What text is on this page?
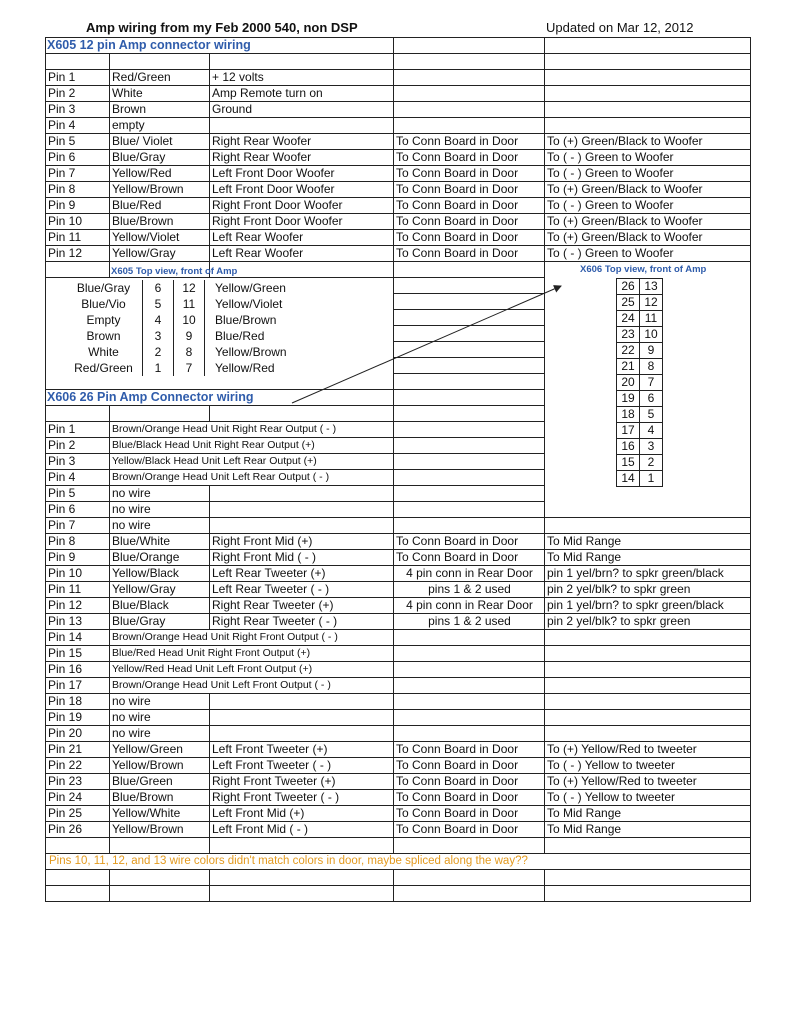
Amp wiring from my Feb 2000 540, non DSP	Updated on Mar 12, 2012
X605 12 pin Amp connector wiring
Pin 1	Red/Green	+ 12 volts
Pin 2	White	Amp Remote turn on
Pin 3	Brown	Ground
Pin 4	empty
Pin 5	Blue/ Violet	Right Rear Woofer	To Conn Board in Door	To (+) Green/Black to Woofer
Pin 6	Blue/Gray	Right Rear Woofer	To Conn Board in Door	To ( - ) Green to Woofer
Pin 7	Yellow/Red	Left Front Door Woofer	To Conn Board in Door	To ( - ) Green to Woofer
Pin 8	Yellow/Brown	Left Front Door Woofer	To Conn Board in Door	To (+) Green/Black to Woofer
Pin 9	Blue/Red	Right Front Door Woofer	To Conn Board in Door	To ( - ) Green to Woofer
Pin 10	Blue/Brown	Right Front Door Woofer	To Conn Board in Door	To (+) Green/Black to Woofer
Pin 11	Yellow/Violet	Left Rear Woofer	To Conn Board in Door	To (+) Green/Black to Woofer
Pin 12	Yellow/Gray	Left Rear Woofer	To Conn Board in Door	To ( - ) Green to Woofer
X606 26 Pin Amp Connector wiring
Pin 1	Brown/Orange Head Unit Right Rear Output ( - )
Pin 2	Blue/Black Head Unit Right Rear Output (+)
Pin 3	Yellow/Black Head Unit Left Rear Output (+)
Pin 4	Brown/Orange Head Unit Left Rear Output ( - )
Pin 5	no wire
Pin 6	no wire
Pin 7	no wire
Pin 8	Blue/White	Right Front Mid (+)	To Conn Board in Door	To Mid Range
Pin 9	Blue/Orange	Right Front Mid ( - )	To Conn Board in Door	To Mid Range
Pin 10	Yellow/Black	Left Rear Tweeter (+)	4 pin conn in Rear Door	pin 1 yel/brn? to spkr green/black
Pin 11	Yellow/Gray	Left Rear Tweeter ( - )	pins 1 & 2 used	pin 2 yel/blk? to spkr green
Pin 12	Blue/Black	Right Rear Tweeter (+)	4 pin conn in Rear Door	pin 1 yel/brn? to spkr green/black
Pin 13	Blue/Gray	Right Rear Tweeter ( - )	pins 1 & 2 used	pin 2 yel/blk? to spkr green
Pin 14	Brown/Orange Head Unit Right Front Output ( - )
Pin 15	Blue/Red Head Unit Right Front Output (+)
Pin 16	Yellow/Red Head Unit Left Front Output (+)
Pin 17	Brown/Orange Head Unit Left Front Output ( - )
Pin 18	no wire
Pin 19	no wire
Pin 20	no wire
Pin 21	Yellow/Green	Left Front Tweeter (+)	To Conn Board in Door	To (+) Yellow/Red to tweeter
Pin 22	Yellow/Brown	Left Front Tweeter ( - )	To Conn Board in Door	To ( - ) Yellow to tweeter
Pin 23	Blue/Green	Right Front Tweeter (+)	To Conn Board in Door	To (+) Yellow/Red to tweeter
Pin 24	Blue/Brown	Right Front Tweeter ( - )	To Conn Board in Door	To ( - ) Yellow to tweeter
Pin 25	Yellow/White	Left Front Mid (+)	To Conn Board in Door	To Mid Range
Pin 26	Yellow/Brown	Left Front Mid ( - )	To Conn Board in Door	To Mid Range
Pins 10, 11, 12, and 13 wire colors didn't match colors in door, maybe spliced along the way??
X605 Top view, front of Amp
Blue/Gray	6	12	Yellow/Green
Blue/Vio	5	11	Yellow/Violet
Empty	4	10	Blue/Brown
Brown	3	9	Blue/Red
White	2	8	Yellow/Brown
Red/Green	1	7	Yellow/Red
X606 Top view, front of Amp
26	13
25	12
24	11
23	10
22	9
21	8
20	7
19	6
18	5
17	4
16	3
15	2
14	1
